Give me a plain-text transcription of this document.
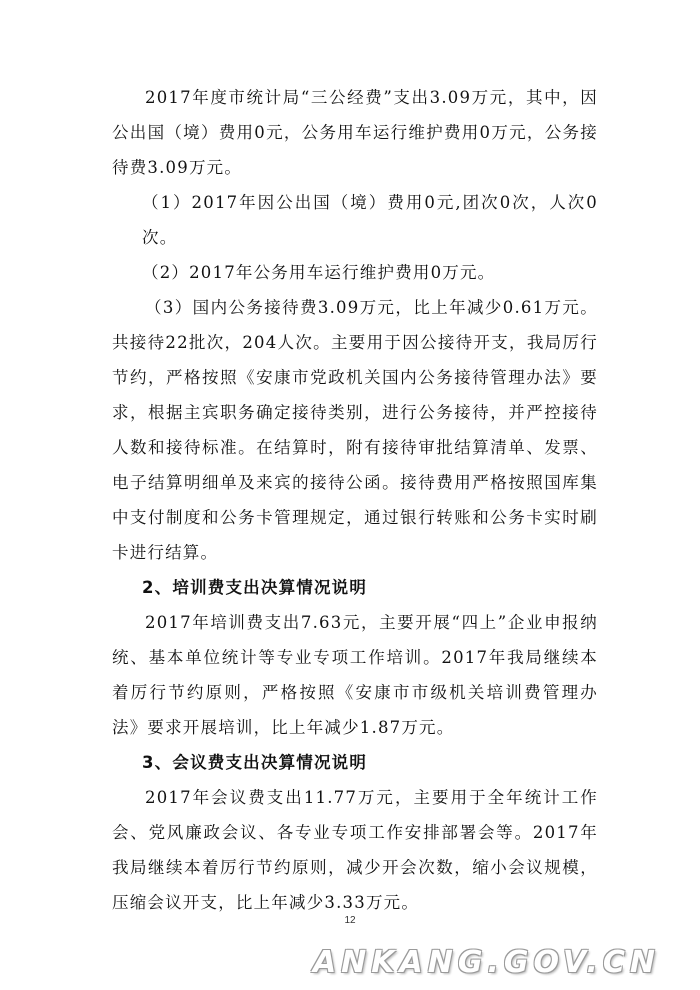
2017年度市统计局“三公经费”支出3.09万元，其中，因公出国（境）费用0元，公务用车运行维护费用0万元，公务接待费3.09万元。

（1）2017年因公出国（境）费用0元,团次0次，人次0次。

（2）2017年公务用车运行维护费用0万元。

（3）国内公务接待费3.09万元，比上年减少0.61万元。共接待22批次，204人次。主要用于因公接待开支，我局厉行节约，严格按照《安康市党政机关国内公务接待管理办法》要求，根据主宾职务确定接待类别，进行公务接待，并严控接待人数和接待标准。在结算时，附有接待审批结算清单、发票、电子结算明细单及来宾的接待公函。接待费用严格按照国库集中支付制度和公务卡管理规定，通过银行转账和公务卡实时刷卡进行结算。

2、培训费支出决算情况说明

2017年培训费支出7.63元，主要开展“四上”企业申报纳统、基本单位统计等专业专项工作培训。2017年我局继续本着厉行节约原则，严格按照《安康市市级机关培训费管理办法》要求开展培训，比上年减少1.87万元。

3、会议费支出决算情况说明

2017年会议费支出11.77万元，主要用于全年统计工作会、党风廉政会议、各专业专项工作安排部署会等。2017年我局继续本着厉行节约原则，减少开会次数，缩小会议规模，压缩会议开支，比上年减少3.33万元。

12
ANKANG.GOV.CN
